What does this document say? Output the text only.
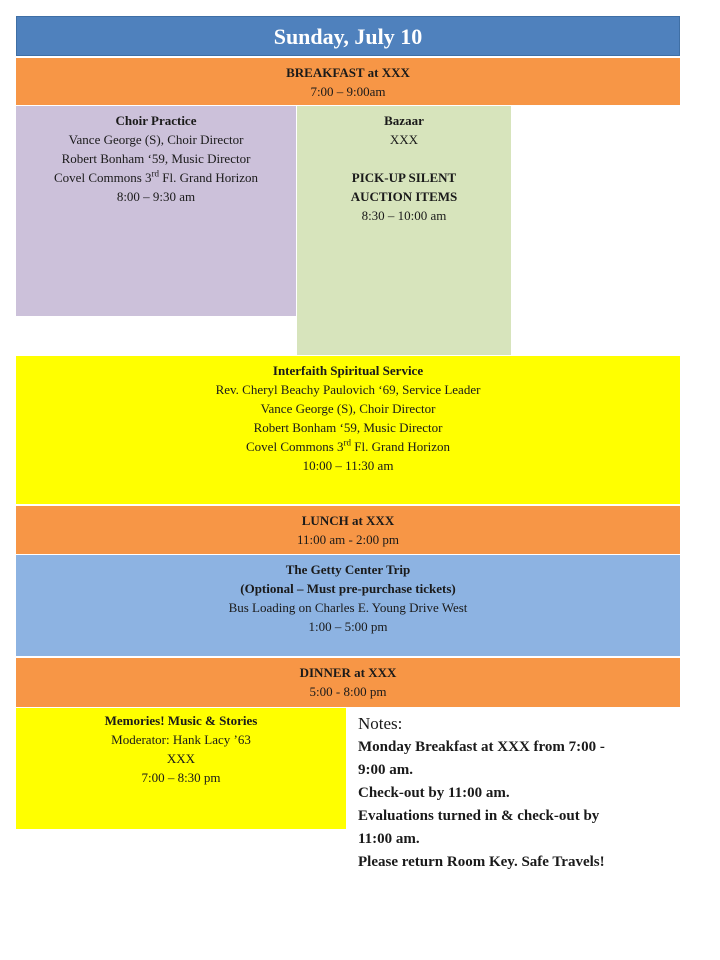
Sunday, July 10
BREAKFAST at XXX
7:00 – 9:00am
Choir Practice
Vance George (S), Choir Director
Robert Bonham ‘59, Music Director
Covel Commons 3rd Fl. Grand Horizon
8:00 – 9:30 am
Bazaar
XXX
PICK-UP SILENT
AUCTION ITEMS
8:30 – 10:00 am
Interfaith Spiritual Service
Rev. Cheryl Beachy Paulovich ‘69, Service Leader
Vance George (S), Choir Director
Robert Bonham ‘59, Music Director
Covel Commons 3rd Fl. Grand Horizon
10:00 – 11:30 am
LUNCH at XXX
11:00 am - 2:00 pm
The Getty Center Trip
(Optional – Must pre-purchase tickets)
Bus Loading on Charles E. Young Drive West
1:00 – 5:00 pm
DINNER at XXX
5:00 - 8:00 pm
Memories! Music & Stories
Moderator: Hank Lacy ’63
XXX
7:00 – 8:30 pm
Notes:
Monday Breakfast at XXX from 7:00 -
9:00 am.
Check-out by 11:00 am.
Evaluations turned in & check-out by
11:00 am.
Please return Room Key. Safe Travels!
